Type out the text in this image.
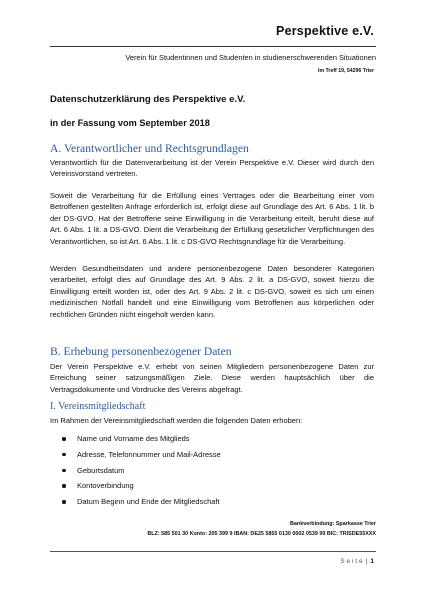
Perspektive e.V.
Verein für Studentinnen und Studenten in studienerschwerenden Situationen
Im Treff 19, 54296 Trier
Datenschutzerklärung des Perspektive e.V.
in der Fassung vom September 2018
A. Verantwortlicher und Rechtsgrundlagen
Verantwortlich für die Datenverarbeitung ist der Verein Perspektive e.V. Dieser wird durch den Vereinsvorstand vertreten.
Soweit die Verarbeitung für die Erfüllung eines Vertrages oder die Bearbeitung einer vom Betroffenen gestellten Anfrage erforderlich ist, erfolgt diese auf Grundlage des Art. 6 Abs. 1 lit. b der DS-GVO. Hat der Betroffene seine Einwilligung in die Verarbeitung erteilt, beruht diese auf Art. 6 Abs. 1 lit. a DS-GVO. Dient die Verarbeitung der Erfüllung gesetzlicher Verpflichtungen des Verantwortlichen, so ist Art. 6 Abs. 1 lit. c DS-GVO Rechtsgrundlage für die Verarbeitung.
Werden Gesundheitsdaten und andere personenbezogene Daten besonderer Kategorien verarbeitet, erfolgt dies auf Grundlage des Art. 9 Abs. 2 lit. a DS-GVO, soweit hierzu die Einwilligung erteilt worden ist, oder des Art. 9 Abs. 2 lit. c DS-GVO, soweit es sich um einen medizinischen Notfall handelt und eine Einwilligung vom Betroffenen aus körperlichen oder rechtlichen Gründen nicht eingeholt werden kann.
B. Erhebung personenbezogener Daten
Der Verein Perspektive e.V. erhebt von seinen Mitgliedern personenbezogene Daten zur Erreichung seiner satzungsmäßigen Ziele. Diese werden hauptsächlich über die Vertragsdokumente und Vordrucke des Vereins abgefragt.
I. Vereinsmitgliedschaft
Im Rahmen der Vereinsmitgliedschaft werden die folgenden Daten erhoben:
Name und Vorname des Mitglieds
Adresse, Telefonnummer und Mail-Adresse
Geburtsdatum
Kontoverbindung
Datum Beginn und Ende der Mitgliedschaft
Bankverbindung: Sparkasse Trier
BLZ: 585 501 30 Konto: 205 399 9 IBAN: DE25 5855 0130 0002 0539 99 BIC: TRISDE55XXX
S e i t e | 1
